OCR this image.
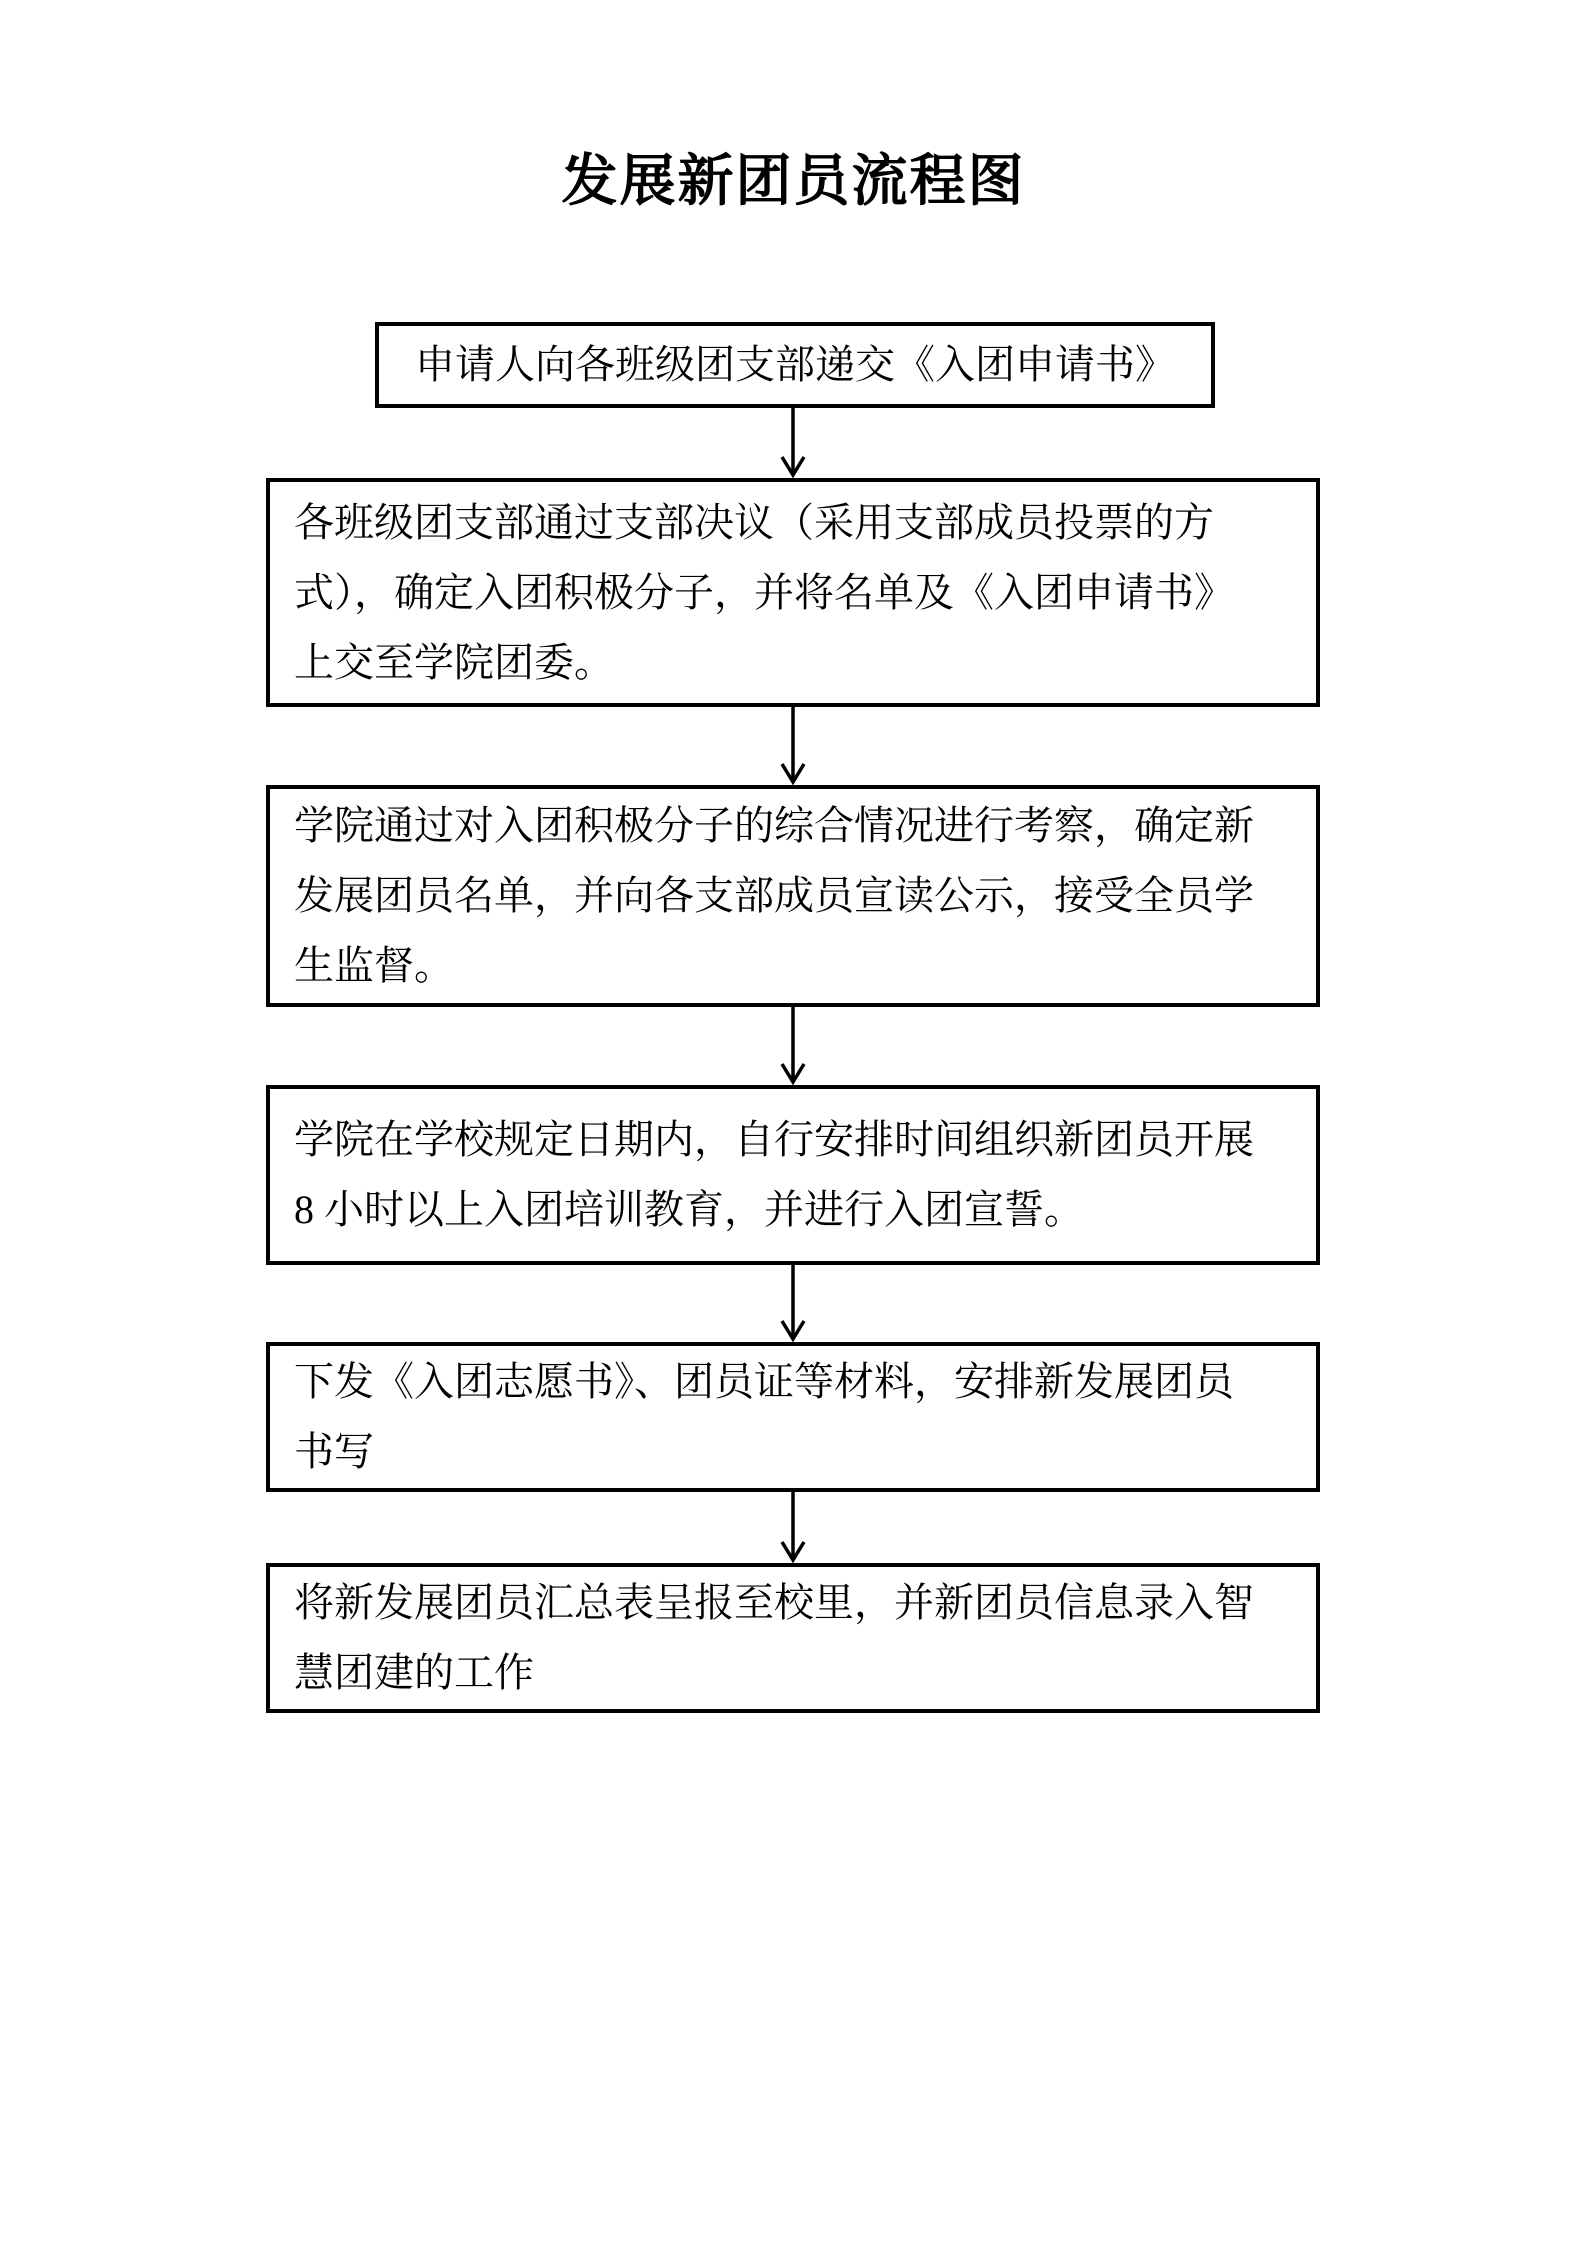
发展新团员流程图
申请人向各班级团支部递交《入团申请书》
各班级团支部通过支部决议（采用支部成员投票的方
式），确定入团积极分子，并将名单及《入团申请书》
上交至学院团委。
学院通过对入团积极分子的综合情况进行考察，确定新
发展团员名单，并向各支部成员宣读公示，接受全员学
生监督。
学院在学校规定日期内，自行安排时间组织新团员开展
8 小时以上入团培训教育，并进行入团宣誓。
下发《入团志愿书》、团员证等材料，安排新发展团员
书写
将新发展团员汇总表呈报至校里，并新团员信息录入智
慧团建的工作
